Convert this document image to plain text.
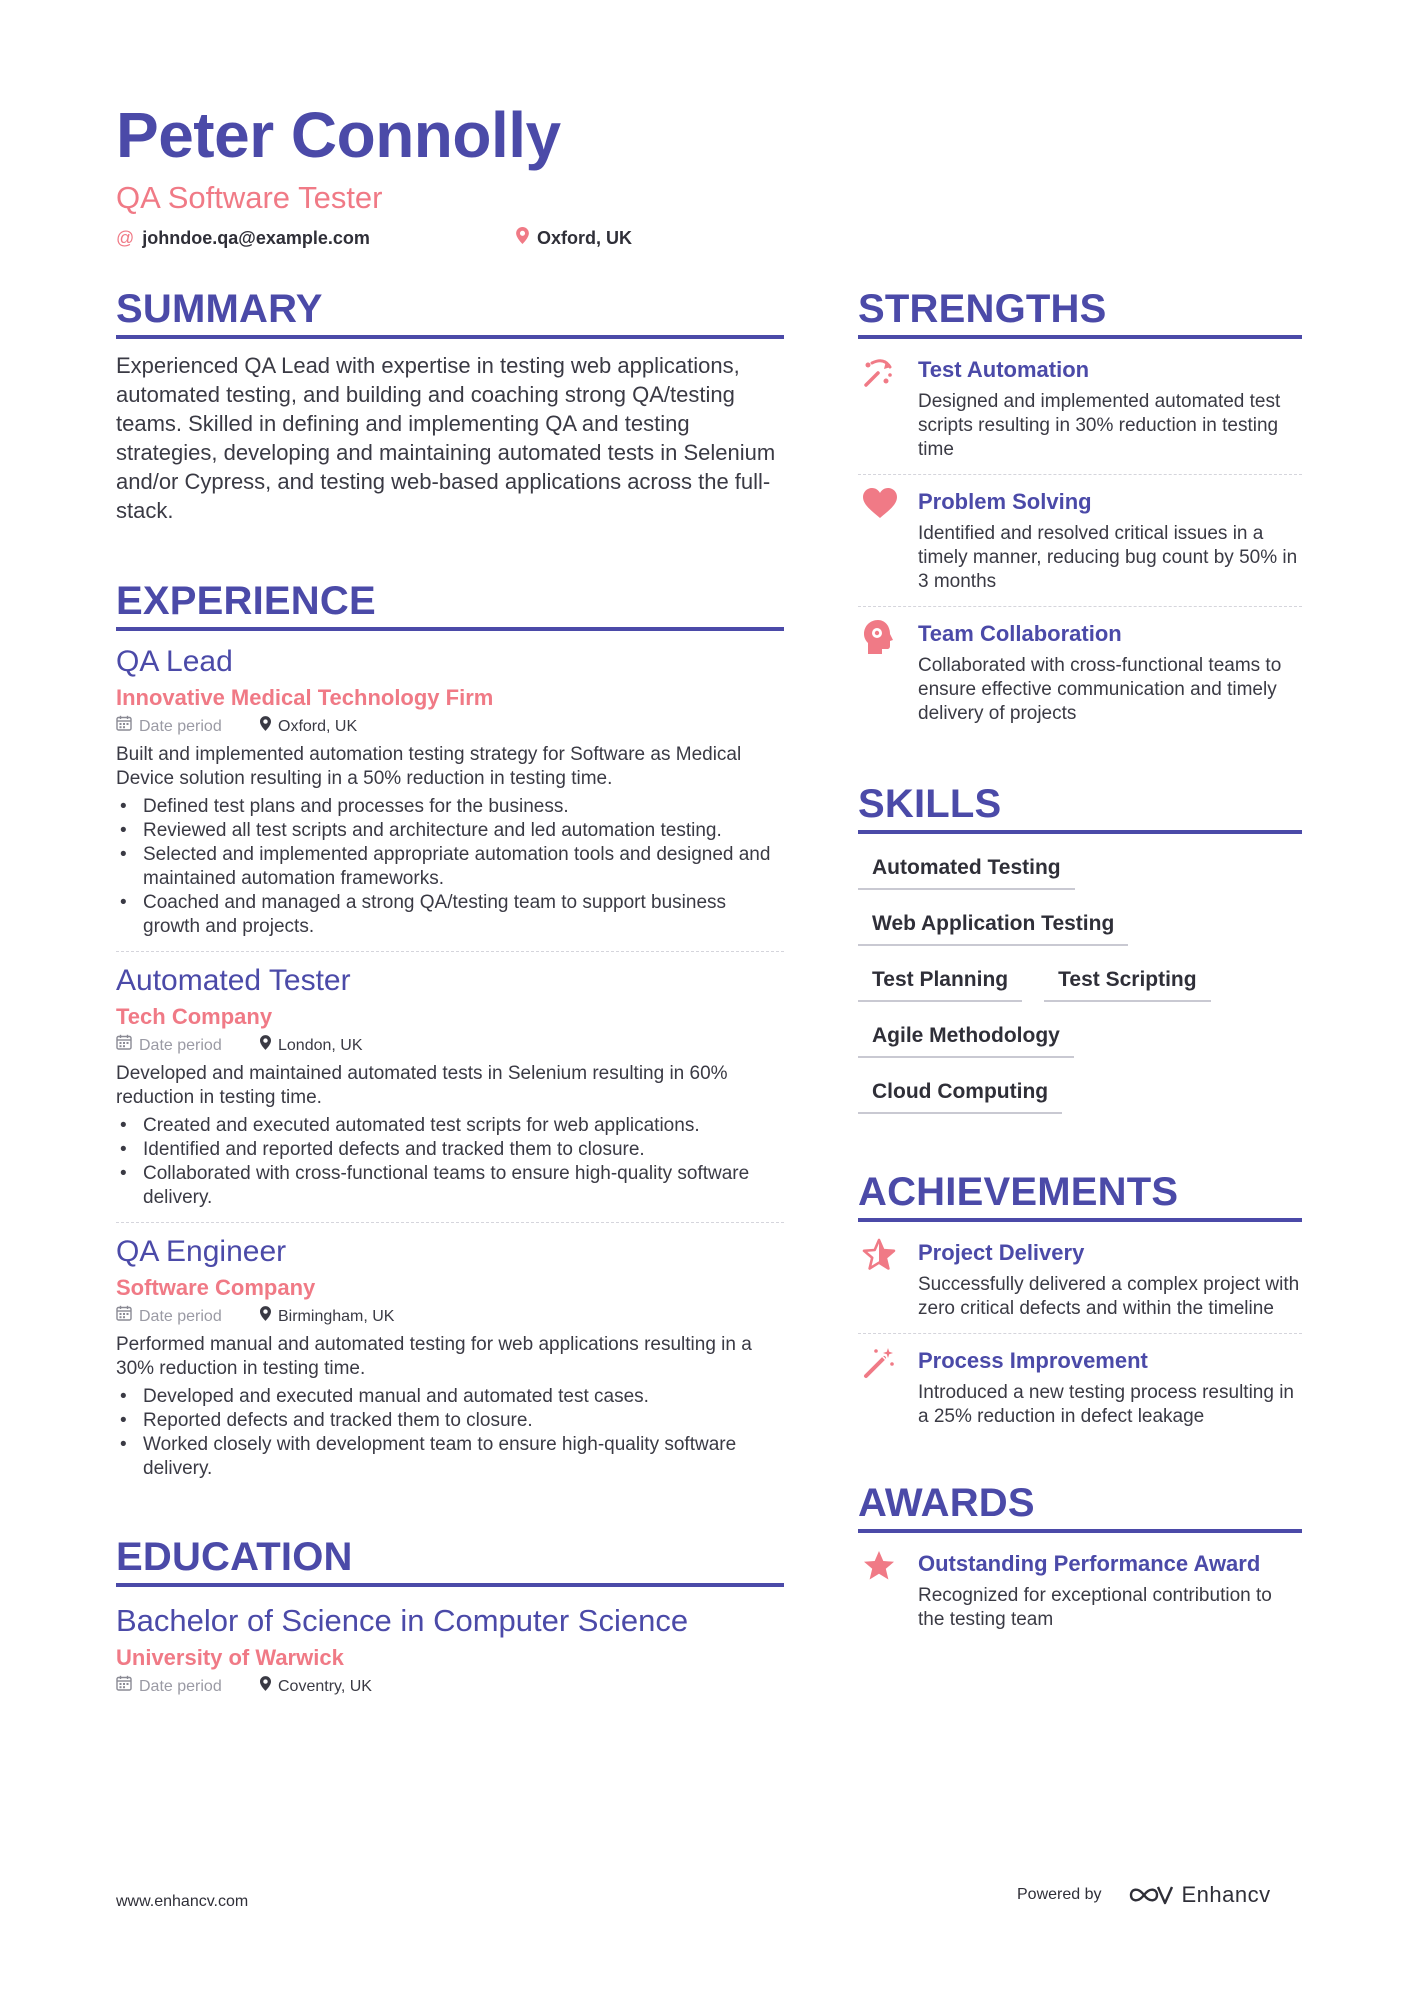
Peter Connolly
QA Software Tester
@ johndoe.qa@example.com	Oxford, UK
SUMMARY
Experienced QA Lead with expertise in testing web applications, automated testing, and building and coaching strong QA/testing teams. Skilled in defining and implementing QA and testing strategies, developing and maintaining automated tests in Selenium and/or Cypress, and testing web-based applications across the full-stack.
EXPERIENCE
QA Lead
Innovative Medical Technology Firm
Date period	Oxford, UK
Built and implemented automation testing strategy for Software as Medical Device solution resulting in a 50% reduction in testing time.
• Defined test plans and processes for the business.
• Reviewed all test scripts and architecture and led automation testing.
• Selected and implemented appropriate automation tools and designed and maintained automation frameworks.
• Coached and managed a strong QA/testing team to support business growth and projects.
Automated Tester
Tech Company
Date period	London, UK
Developed and maintained automated tests in Selenium resulting in 60% reduction in testing time.
• Created and executed automated test scripts for web applications.
• Identified and reported defects and tracked them to closure.
• Collaborated with cross-functional teams to ensure high-quality software delivery.
QA Engineer
Software Company
Date period	Birmingham, UK
Performed manual and automated testing for web applications resulting in a 30% reduction in testing time.
• Developed and executed manual and automated test cases.
• Reported defects and tracked them to closure.
• Worked closely with development team to ensure high-quality software delivery.
EDUCATION
Bachelor of Science in Computer Science
University of Warwick
Date period	Coventry, UK
STRENGTHS
Test Automation
Designed and implemented automated test scripts resulting in 30% reduction in testing time
Problem Solving
Identified and resolved critical issues in a timely manner, reducing bug count by 50% in 3 months
Team Collaboration
Collaborated with cross-functional teams to ensure effective communication and timely delivery of projects
SKILLS
Automated Testing
Web Application Testing
Test Planning	Test Scripting
Agile Methodology
Cloud Computing
ACHIEVEMENTS
Project Delivery
Successfully delivered a complex project with zero critical defects and within the timeline
Process Improvement
Introduced a new testing process resulting in a 25% reduction in defect leakage
AWARDS
Outstanding Performance Award
Recognized for exceptional contribution to the testing team
www.enhancv.com	Powered by	Enhancv
